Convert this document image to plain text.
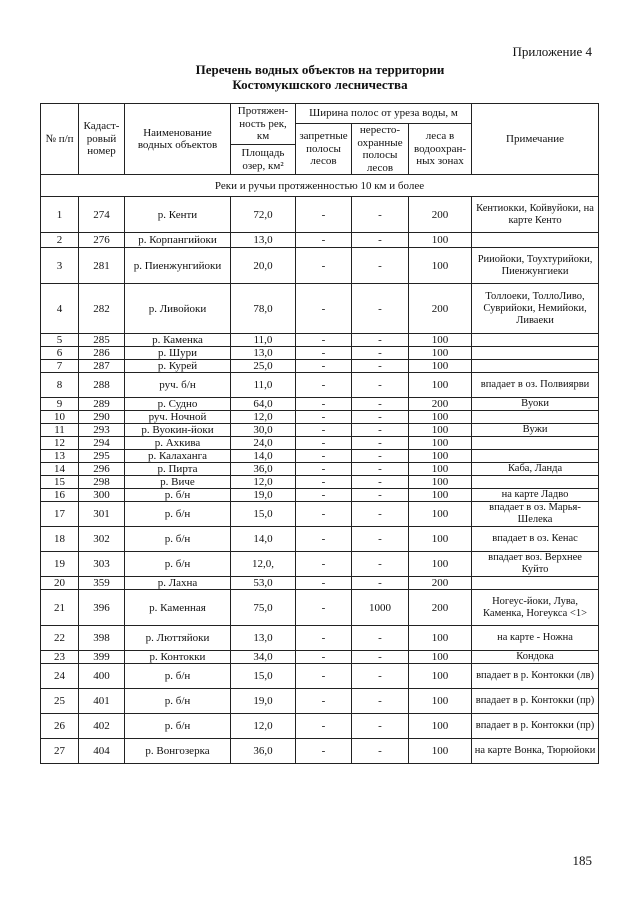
Приложение 4
Перечень водных объектов на территории
Костомукшского лесничества
№ п/п	Кадаст-ровый номер	Наименование водных объектов	Протяжен-ность рек, км	Ширина полос от уреза воды, м			Примечание
				запретные полосы лесов	нересто-охранные полосы лесов	леса в водоохран-ных зонах	
			Площадь озер, км²				
Реки и ручьи протяженностью 10 км и более							
1	274	р. Кенти	72,0	-	-	200	Кентиокки, Койвуйоки, на карте Кенто
2	276	р. Корпангийоки	13,0	-	-	100	
3	281	р. Пиенжунгийоки	20,0	-	-	100	Рииойоки, Тоухтурийоки, Пиенжунгиеки
4	282	р. Ливойоки	78,0	-	-	200	Толлоеки, ТоллоЛиво, Суврийоки, Немийоки, Ливаеки
5	285	р. Каменка	11,0	-	-	100	
6	286	р. Шури	13,0	-	-	100	
7	287	р. Курей	25,0	-	-	100	
8	288	руч. б/н	11,0	-	-	100	впадает в оз. Полвиярви
9	289	р. Судно	64,0	-	-	200	Вуоки
10	290	руч. Ночной	12,0	-	-	100	
11	293	р. Вуокин-йоки	30,0	-	-	100	Вужи
12	294	р. Ахкива	24,0	-	-	100	
13	295	р. Калаханга	14,0	-	-	100	
14	296	р. Пирта	36,0	-	-	100	Каба, Ланда
15	298	р. Виче	12,0	-	-	100	
16	300	р. б/н	19,0	-	-	100	на карте Ладво
17	301	р. б/н	15,0	-	-	100	впадает в оз. Марья-Шелека
18	302	р. б/н	14,0	-	-	100	впадает в оз. Кенас
19	303	р. б/н	12,0,	-	-	100	впадает воз. Верхнее Куйто
20	359	р. Лахна	53,0	-	-	200	
21	396	р. Каменная	75,0	-	1000	200	Ногеус-йоки, Лува, Каменка, Ногеукса <1>
22	398	р. Люттяйоки	13,0	-	-	100	на карте - Ножна
23	399	р. Контокки	34,0	-	-	100	Кондока
24	400	р. б/н	15,0	-	-	100	впадает в р. Контокки (лв)
25	401	р. б/н	19,0	-	-	100	впадает в р. Контокки (пр)
26	402	р. б/н	12,0	-	-	100	впадает в р. Контокки (пр)
27	404	р. Вонгозерка	36,0	-	-	100	на карте Вонка, Тюрюйоки
185
